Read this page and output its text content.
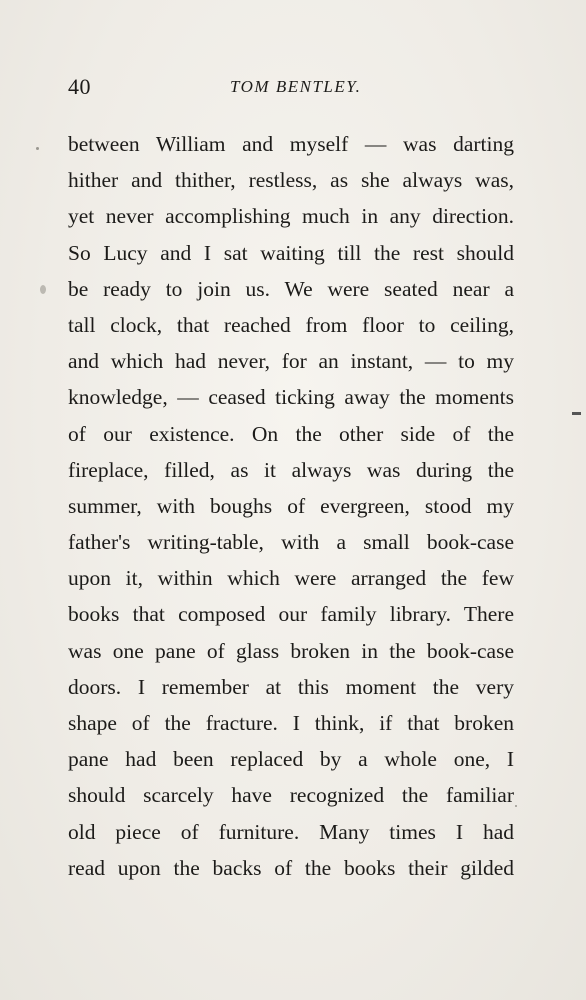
40	TOM BENTLEY.
between William and myself — was darting
hither and thither, restless, as she always was,
yet never accomplishing much in any direction.
So Lucy and I sat waiting till the rest should
be ready to join us. We were seated near a
tall clock, that reached from floor to ceiling,
and which had never, for an instant, — to my
knowledge, — ceased ticking away the moments
of our existence. On the other side of the
fireplace, filled, as it always was during the
summer, with boughs of evergreen, stood my
father's writing-table, with a small book-case
upon it, within which were arranged the few
books that composed our family library. There
was one pane of glass broken in the book-case
doors. I remember at this moment the very
shape of the fracture. I think, if that broken
pane had been replaced by a whole one, I
should scarcely have recognized the familiar
old piece of furniture. Many times I had
read upon the backs of the books their gilded
